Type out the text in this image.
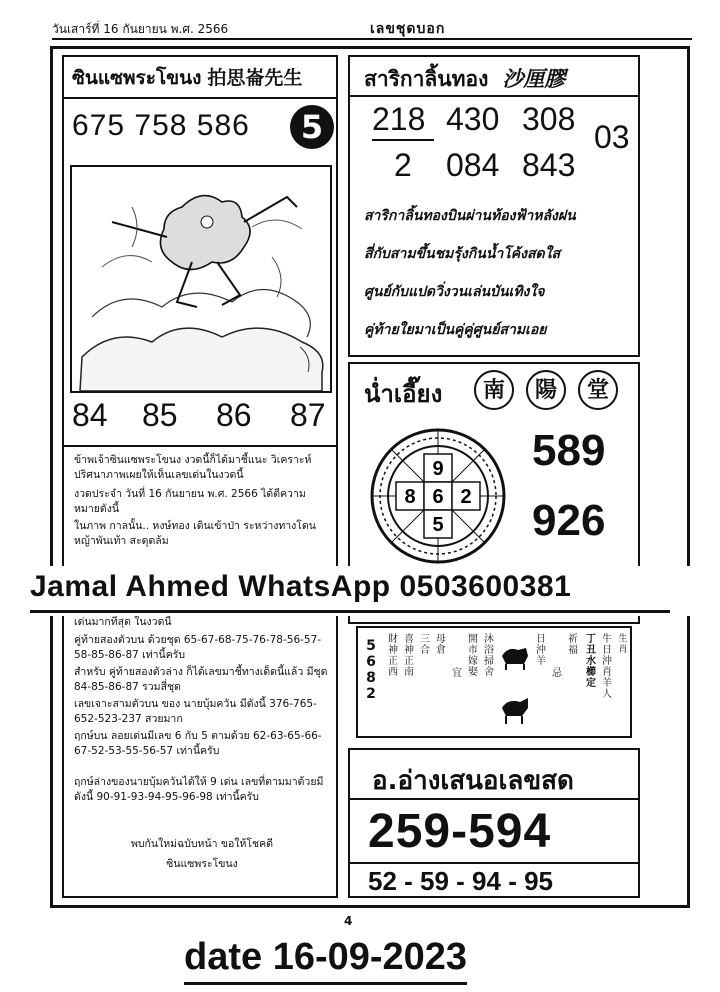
วันเสาร์ที่ 16 กันยายน พ.ศ. 2566	เลขชุดบอก
ซินแซพระโขนง 拍思崙先生
675 758 586	5
84 85 86 87
ข้าพเจ้าซินแซพระโขนง งวดนี้ก็ได้มาชี้แนะ วิเคราะห์ปริศนาภาพเผยให้เห็นเลขเด่นในงวดนี้
งวดประจำ วันที่ 16 กันยายน พ.ศ. 2566 ได้ตีความหมายดังนี้
ในภาพ กาลนั้น.. หงษ์ทอง เดินเข้าป่า ระหว่างทางโดนหญ้าพันเท้า สะดุดล้ม
เด่นมากที่สุด ในงวดนี้
คู่ท้ายสองตัวบน ด้วยชุด 65-67-68-75-76-78-56-57-58-85-86-87 เท่านี้ครับ
สำหรับ คู่ท้ายสองตัวล่าง ก็ได้เลขมาชี้ทางเด็ดนี้แล้ว มีชุด 84-85-86-87 รวมสี่ชุด
เลขเจาะสามตัวบน ของ นายบุ้มควัน มีดังนี้ 376-765-652-523-237 สวยมาก
ฤกษ์บน ลอยเด่นมีเลข 6 กับ 5 ตามด้วย 62-63-65-66-67-52-53-55-56-57 เท่านี้ครับ
ฤกษ์ล่างของนายบุ้มควันได้ให้ 9 เด่น เลขที่ตามมาด้วยมีดังนี้ 90-91-93-94-95-96-98 เท่านี้ครับ
พบกันใหม่ฉบับหน้า ขอให้โชคดี
ซินแซพระโขนง
สาริกาลิ้นทอง 沙厘膠
218 430 308
2 084 843
03
สาริกาลิ้นทองบินผ่านท้องฟ้าหลังฝน
สี่กับสามขึ้นชมรุ้งกินน้ำโค้งสดใส
ศูนย์กับแปดวิ่งวนเล่นบันเทิงใจ
คู่ท้ายใยมาเป็นคู่คู่ศูนย์สามเอย
น่ำเอี๊ยง	南	陽	堂
9
8 6 2
5
589
926
5
6
8
2
財
神
正
西
喜
神
正
南
三
合
母
倉
宜
開
市
嫁
娶
沐
浴
掃
舍
日
沖
羊
忌
祈
福
丁
丑
水
櫛
定
牛
日
沖
肖
羊
人
生
肖
อ.อ่างเสนอเลขสด
259-594
52 - 59 - 94 - 95
4
Jamal Ahmed WhatsApp 0503600381
date 16-09-2023
